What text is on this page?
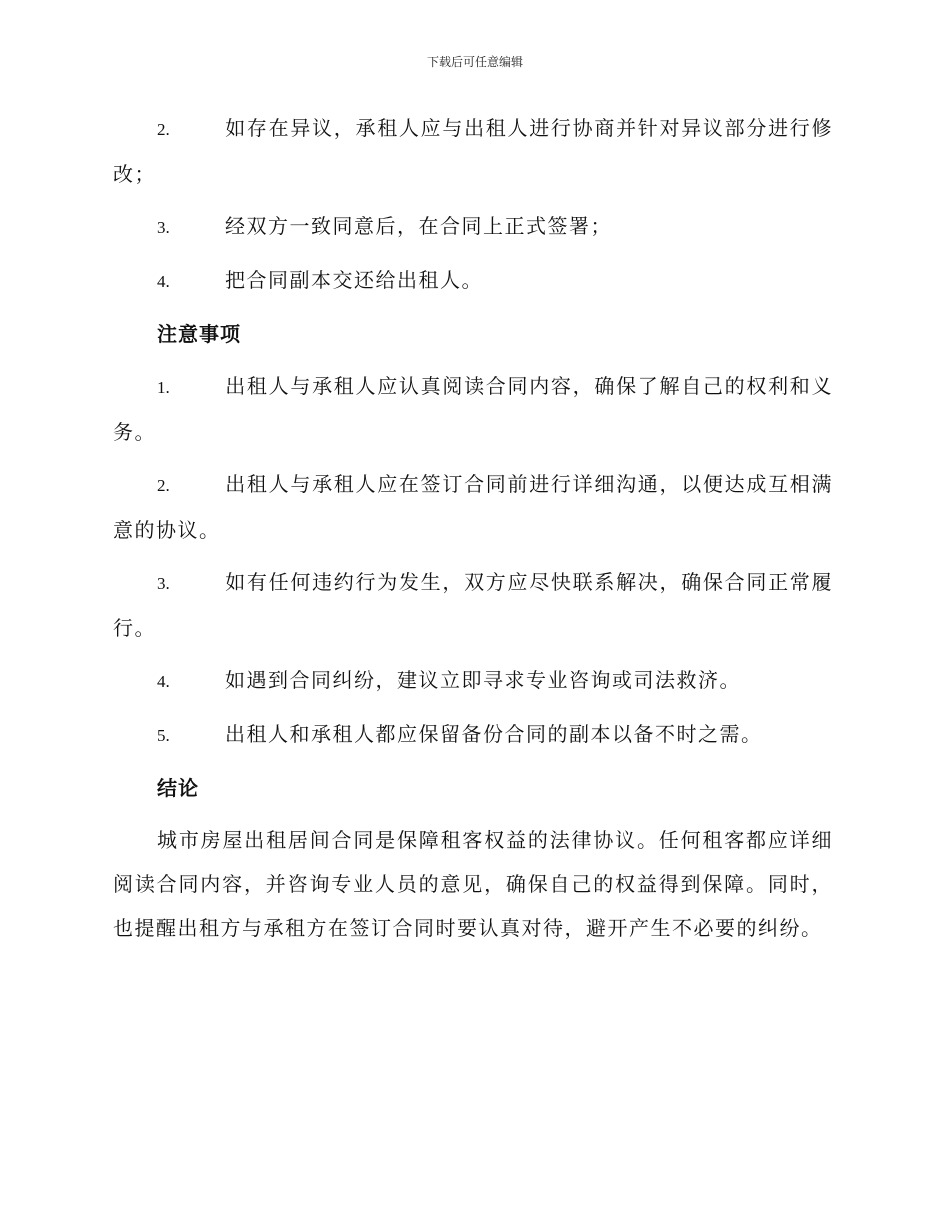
下载后可任意编辑

2.	如存在异议，承租人应与出租人进行协商并针对异议部分进行修改；

3.	经双方一致同意后，在合同上正式签署；

4.	把合同副本交还给出租人。

注意事项

1.	出租人与承租人应认真阅读合同内容，确保了解自己的权利和义务。

2.	出租人与承租人应在签订合同前进行详细沟通，以便达成互相满意的协议。

3.	如有任何违约行为发生，双方应尽快联系解决，确保合同正常履行。

4.	如遇到合同纠纷，建议立即寻求专业咨询或司法救济。

5.	出租人和承租人都应保留备份合同的副本以备不时之需。

结论

城市房屋出租居间合同是保障租客权益的法律协议。任何租客都应详细阅读合同内容，并咨询专业人员的意见，确保自己的权益得到保障。同时，也提醒出租方与承租方在签订合同时要认真对待，避开产生不必要的纠纷。
